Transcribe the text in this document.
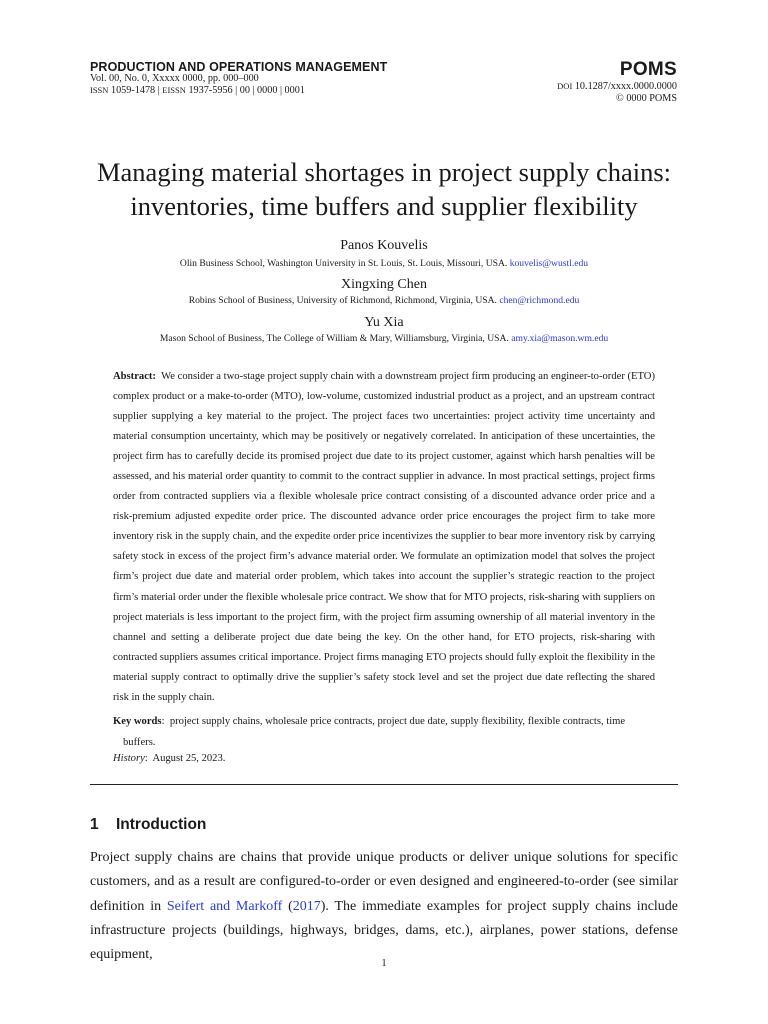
PRODUCTION AND OPERATIONS MANAGEMENT
Vol. 00, No. 0, Xxxxx 0000, pp. 000–000
ISSN 1059-1478 | EISSN 1937-5956 | 00 | 0000 | 0001
POMS
DOI 10.1287/xxxx.0000.0000
© 0000 POMS
Managing material shortages in project supply chains:
inventories, time buffers and supplier flexibility
Panos Kouvelis
Olin Business School, Washington University in St. Louis, St. Louis, Missouri, USA. kouvelis@wustl.edu
Xingxing Chen
Robins School of Business, University of Richmond, Richmond, Virginia, USA. chen@richmond.edu
Yu Xia
Mason School of Business, The College of William & Mary, Williamsburg, Virginia, USA. amy.xia@mason.wm.edu
Abstract: We consider a two-stage project supply chain with a downstream project firm producing an engineer-to-order (ETO) complex product or a make-to-order (MTO), low-volume, customized industrial product as a project, and an upstream contract supplier supplying a key material to the project. The project faces two uncertainties: project activity time uncertainty and material consumption uncertainty, which may be positively or negatively correlated. In anticipation of these uncertainties, the project firm has to carefully decide its promised project due date to its project customer, against which harsh penalties will be assessed, and his material order quantity to commit to the contract supplier in advance. In most practical settings, project firms order from contracted suppliers via a flexible wholesale price contract consisting of a discounted advance order price and a risk-premium adjusted expedite order price. The discounted advance order price encourages the project firm to take more inventory risk in the supply chain, and the expedite order price incentivizes the supplier to bear more inventory risk by carrying safety stock in excess of the project firm’s advance material order. We formulate an optimization model that solves the project firm’s project due date and material order problem, which takes into account the supplier’s strategic reaction to the project firm’s material order under the flexible wholesale price contract. We show that for MTO projects, risk-sharing with suppliers on project materials is less important to the project firm, with the project firm assuming ownership of all material inventory in the channel and setting a deliberate project due date being the key. On the other hand, for ETO projects, risk-sharing with contracted suppliers assumes critical importance. Project firms managing ETO projects should fully exploit the flexibility in the material supply contract to optimally drive the supplier’s safety stock level and set the project due date reflecting the shared risk in the supply chain.
Key words:  project supply chains, wholesale price contracts, project due date, supply flexibility, flexible contracts, time
buffers.
History:  August 25, 2023.
1 Introduction
Project supply chains are chains that provide unique products or deliver unique solutions for specific customers, and as a result are configured-to-order or even designed and engineered-to-order (see similar definition in Seifert and Markoff (2017). The immediate examples for project supply chains include infrastructure projects (buildings, highways, bridges, dams, etc.), airplanes, power stations, defense equipment,
1
